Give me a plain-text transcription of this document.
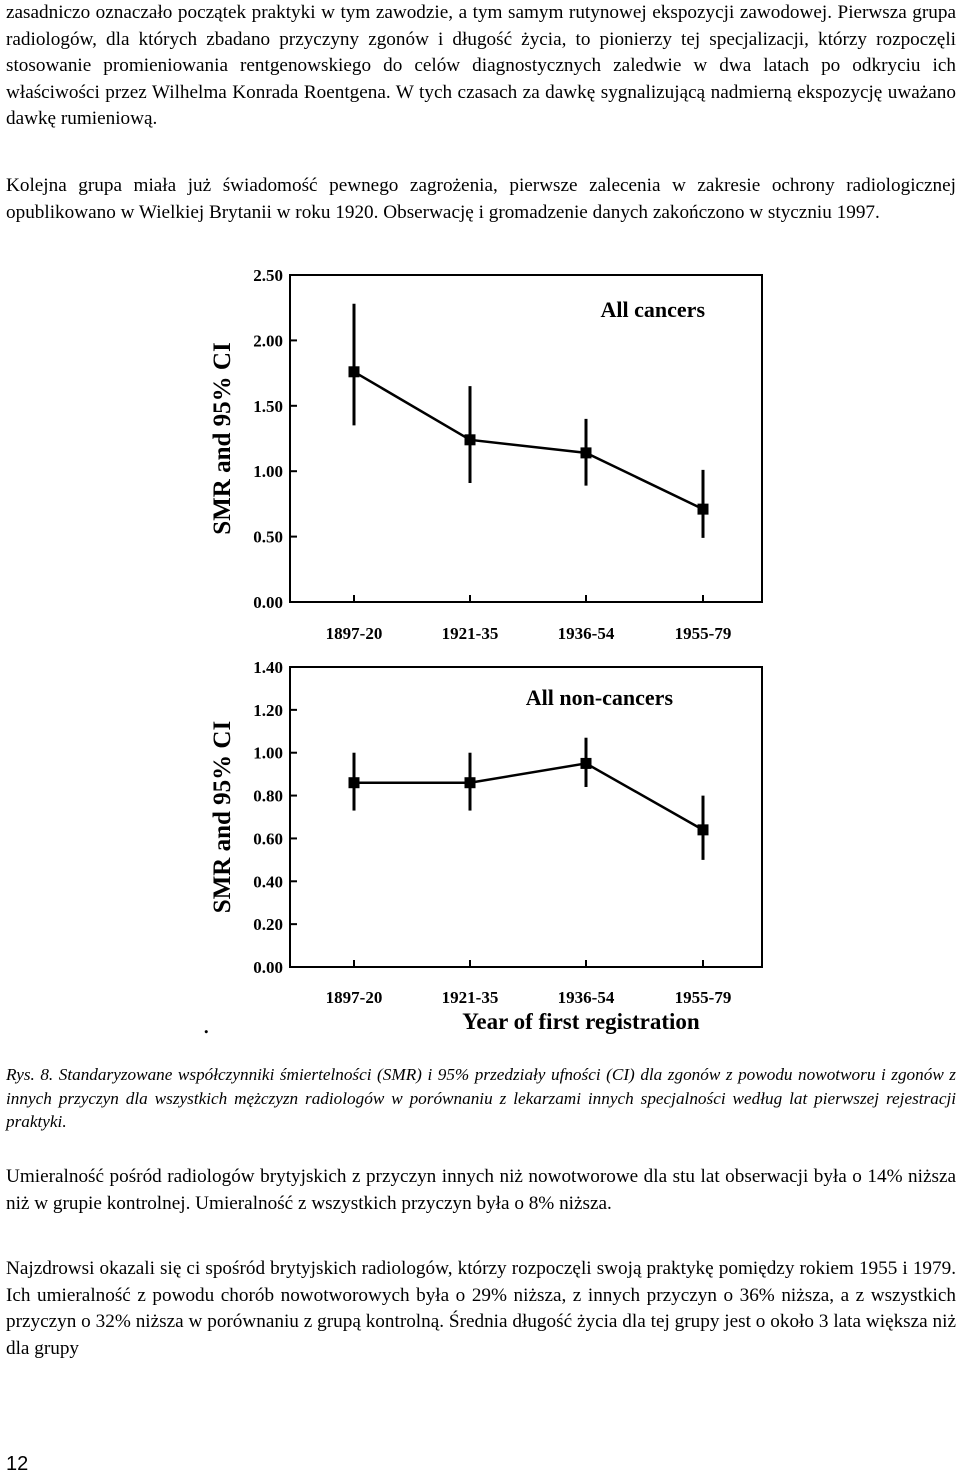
zasadniczo oznaczało początek praktyki w tym zawodzie, a tym samym rutynowej ekspozycji zawodowej. Pierwsza grupa radiologów, dla których zbadano przyczyny zgonów i długość życia, to pionierzy tej specjalizacji, którzy rozpoczęli stosowanie promieniowania rentgenowskiego do celów diagnostycznych zaledwie w dwa latach po odkryciu ich właściwości przez Wilhelma Konrada Roentgena. W tych czasach za dawkę sygnalizującą nadmierną ekspozycję uważano dawkę rumieniową.

Kolejna grupa miała już świadomość pewnego zagrożenia, pierwsze zalecenia w zakresie ochrony radiologicznej opublikowano w Wielkiej Brytanii w roku 1920. Obserwację i gromadzenie danych zakończono w styczniu 1997.

0.00
0.50
1.00
1.50
2.00
2.50
1897-20	1921-35	1936-54	1955-79
SMR and 95% CI
All cancers
0.00
0.20
0.40
0.60
0.80
1.00
1.20
1.40
1897-20	1921-35	1936-54	1955-79
SMR and 95% CI
All non-cancers
Year of first registration
.

Rys. 8. Standaryzowane współczynniki śmiertelności (SMR) i 95% przedziały ufności (CI) dla zgonów z powodu nowotworu i zgonów z innych przyczyn dla wszystkich mężczyzn radiologów w porównaniu z lekarzami innych specjalności według lat pierwszej rejestracji praktyki.

Umieralność pośród radiologów brytyjskich z przyczyn innych niż nowotworowe dla stu lat obserwacji była o 14% niższa niż w grupie kontrolnej. Umieralność z wszystkich przyczyn była o 8% niższa.

Najzdrowsi okazali się ci spośród brytyjskich radiologów, którzy rozpoczęli swoją praktykę pomiędzy rokiem 1955 i 1979. Ich umieralność z powodu chorób nowotworowych była o 29% niższa, z innych przyczyn o 36% niższa, a z wszystkich przyczyn o 32% niższa w porównaniu z grupą kontrolną. Średnia długość życia dla tej grupy jest o około 3 lata większa niż dla grupy

12
